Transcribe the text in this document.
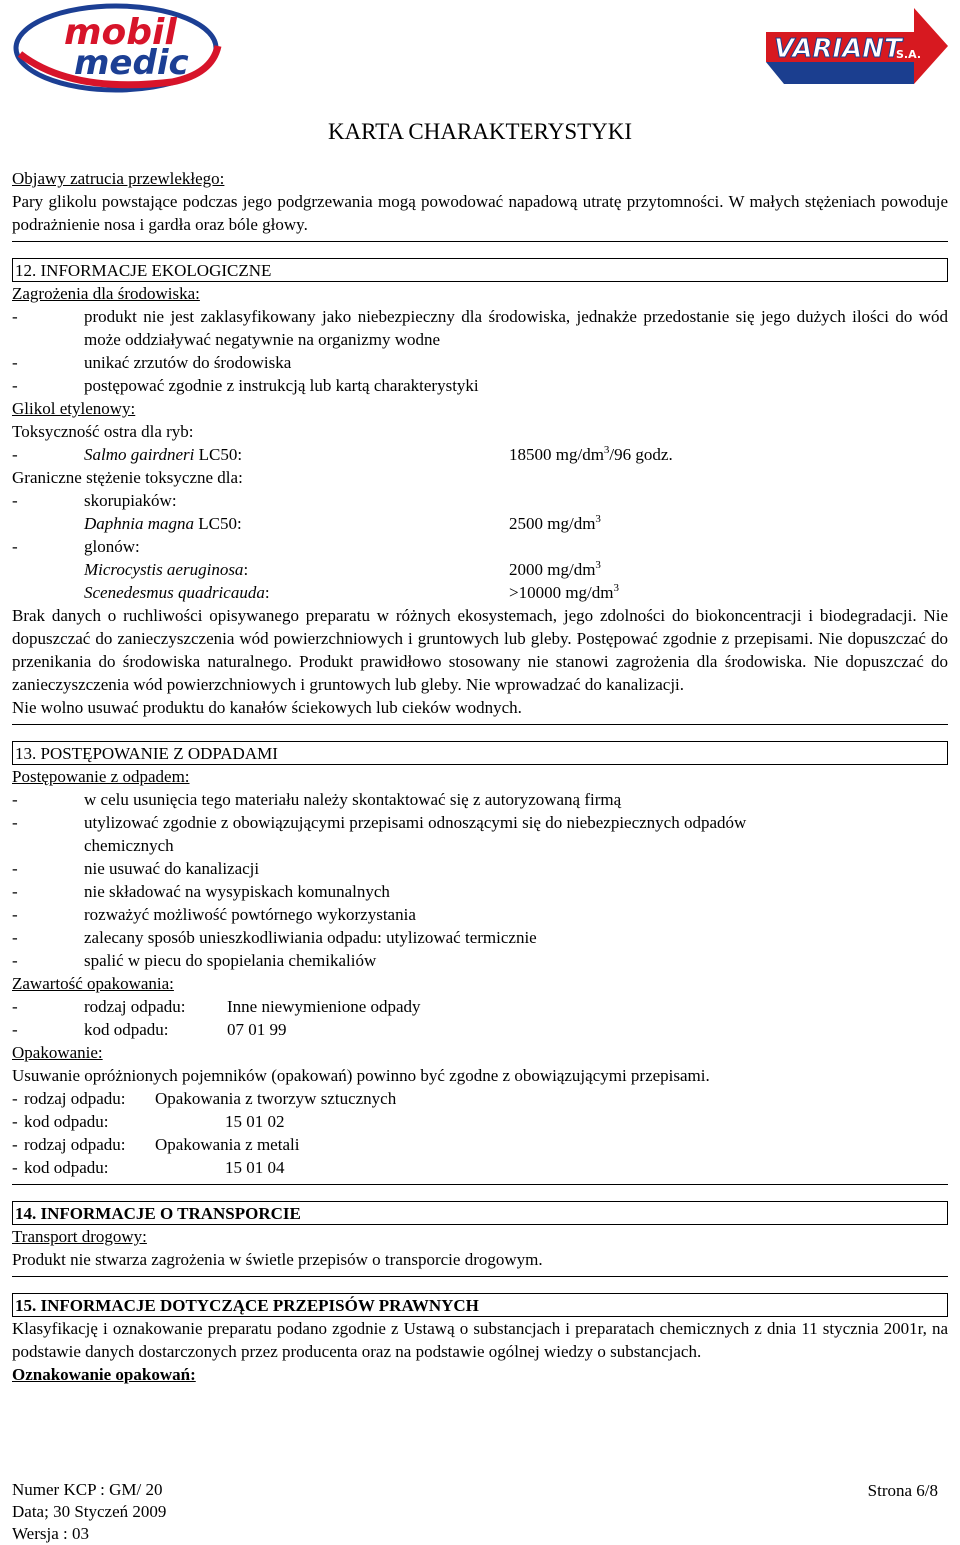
mobil
medic	VARIANT
S.A.
KARTA CHARAKTERYSTYKI

Objawy zatrucia przewlekłego:

Pary glikolu powstające podczas jego podgrzewania mogą powodować napadową utratę przytomności. W małych stężeniach powoduje podrażnienie nosa i gardła oraz bóle głowy.

12. INFORMACJE EKOLOGICZNE

Zagrożenia dla środowiska:

-	produkt nie jest zaklasyfikowany jako niebezpieczny dla środowiska, jednakże przedostanie się jego dużych ilości do wód może oddziaływać negatywnie na organizmy wodne
-	unikać zrzutów do środowiska
-	postępować zgodnie z instrukcją lub kartą charakterystyki

Glikol etylenowy:

Toksyczność ostra dla ryb:

-	Salmo gairdneri LC50:	18500 $mg/dm^3/96$ godz.

Graniczne stężenie toksyczne dla:

-	skorupiaków:
Daphnia magna LC50:	2500 $mg/dm^3$
-	glonów:
Microcystis aeruginosa:	2000 $mg/dm^3$
Scenedesmus quadricauda:	>10000 $mg/dm^3$

Brak danych o ruchliwości opisywanego preparatu w różnych ekosystemach, jego zdolności do biokoncentracji i biodegradacji. Nie dopuszczać do zanieczyszczenia wód powierzchniowych i gruntowych lub gleby. Postępować zgodnie z przepisami. Nie dopuszczać do przenikania do środowiska naturalnego. Produkt prawidłowo stosowany nie stanowi zagrożenia dla środowiska. Nie dopuszczać do zanieczyszczenia wód powierzchniowych i gruntowych lub gleby. Nie wprowadzać do kanalizacji.

Nie wolno usuwać produktu do kanałów ściekowych lub cieków wodnych.

13. POSTĘPOWANIE Z ODPADAMI

Postępowanie z odpadem:

-	w celu usunięcia tego materiału należy skontaktować się z autoryzowaną firmą
-	utylizować zgodnie z obowiązującymi przepisami odnoszącymi się do niebezpiecznych odpadów chemicznych
-	nie usuwać do kanalizacji
-	nie składować na wysypiskach komunalnych
-	rozważyć możliwość powtórnego wykorzystania
-	zalecany sposób unieszkodliwiania odpadu: utylizować termicznie
-	spalić w piecu do spopielania chemikaliów

Zawartość opakowania:

-	rodzaj odpadu:	Inne niewymienione odpady
-	kod odpadu:	07 01 99

Opakowanie:

Usuwanie opróżnionych pojemników (opakowań) powinno być zgodne z obowiązującymi przepisami.

- rodzaj odpadu:	Opakowania z tworzyw sztucznych
- kod odpadu:	15 01 02
- rodzaj odpadu:	Opakowania z metali
- kod odpadu:	15 01 04
14. INFORMACJE O TRANSPORCIE

Transport drogowy:

Produkt nie stwarza zagrożenia w świetle przepisów o transporcie drogowym.

15. INFORMACJE DOTYCZĄCE PRZEPISÓW PRAWNYCH

Klasyfikację i oznakowanie preparatu podano zgodnie z Ustawą o substancjach i preparatach chemicznych z dnia 11 stycznia 2001r, na podstawie danych dostarczonych przez producenta oraz na podstawie ogólnej wiedzy o substancjach.

Oznakowanie opakowań:

Numer KCP : GM/ 20

Data; 30 Styczeń 2009

Wersja : 03

Strona 6/8
